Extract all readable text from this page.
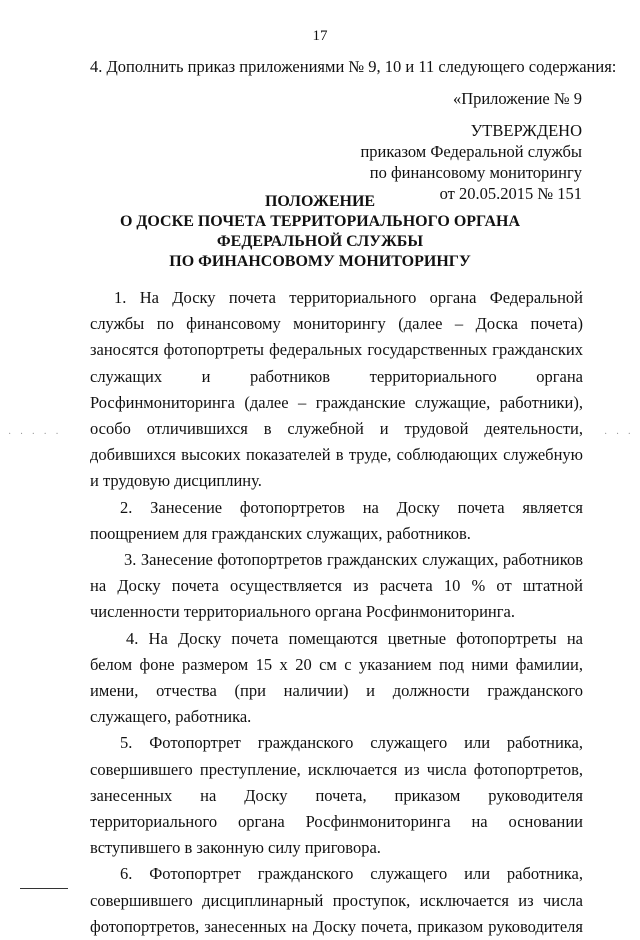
17
4. Дополнить приказ приложениями № 9, 10 и 11 следующего содержания:
«Приложение № 9
УТВЕРЖДЕНО
приказом Федеральной службы
по финансовому мониторингу
от 20.05.2015 № 151
ПОЛОЖЕНИЕ
О ДОСКЕ ПОЧЕТА ТЕРРИТОРИАЛЬНОГО ОРГАНА
ФЕДЕРАЛЬНОЙ СЛУЖБЫ
ПО ФИНАНСОВОМУ МОНИТОРИНГУ

1. На Доску почета территориального органа Федеральной службы по финансовому мониторингу (далее – Доска почета) заносятся фотопортреты федеральных государственных гражданских служащих и работников территориального органа Росфинмониторинга (далее – гражданские служащие, работники), особо отличившихся в служебной и трудовой деятельности, добившихся высоких показателей в труде, соблюдающих служебную и трудовую дисциплину.

2. Занесение фотопортретов на Доску почета является поощрением для гражданских служащих, работников.

3. Занесение фотопортретов гражданских служащих, работников на Доску почета осуществляется из расчета 10 % от штатной численности территориального органа Росфинмониторинга.

4. На Доску почета помещаются цветные фотопортреты на белом фоне размером 15 х 20 см с указанием под ними фамилии, имени, отчества (при наличии) и должности гражданского служащего, работника.

5. Фотопортрет гражданского служащего или работника, совершившего преступление, исключается из числа фотопортретов, занесенных на Доску почета, приказом руководителя территориального органа Росфинмониторинга на основании вступившего в законную силу приговора.

6. Фотопортрет гражданского служащего или работника, совершившего дисциплинарный проступок, исключается из числа фотопортретов, занесенных на Доску почета, приказом руководителя

· · · · ·	· · ·
